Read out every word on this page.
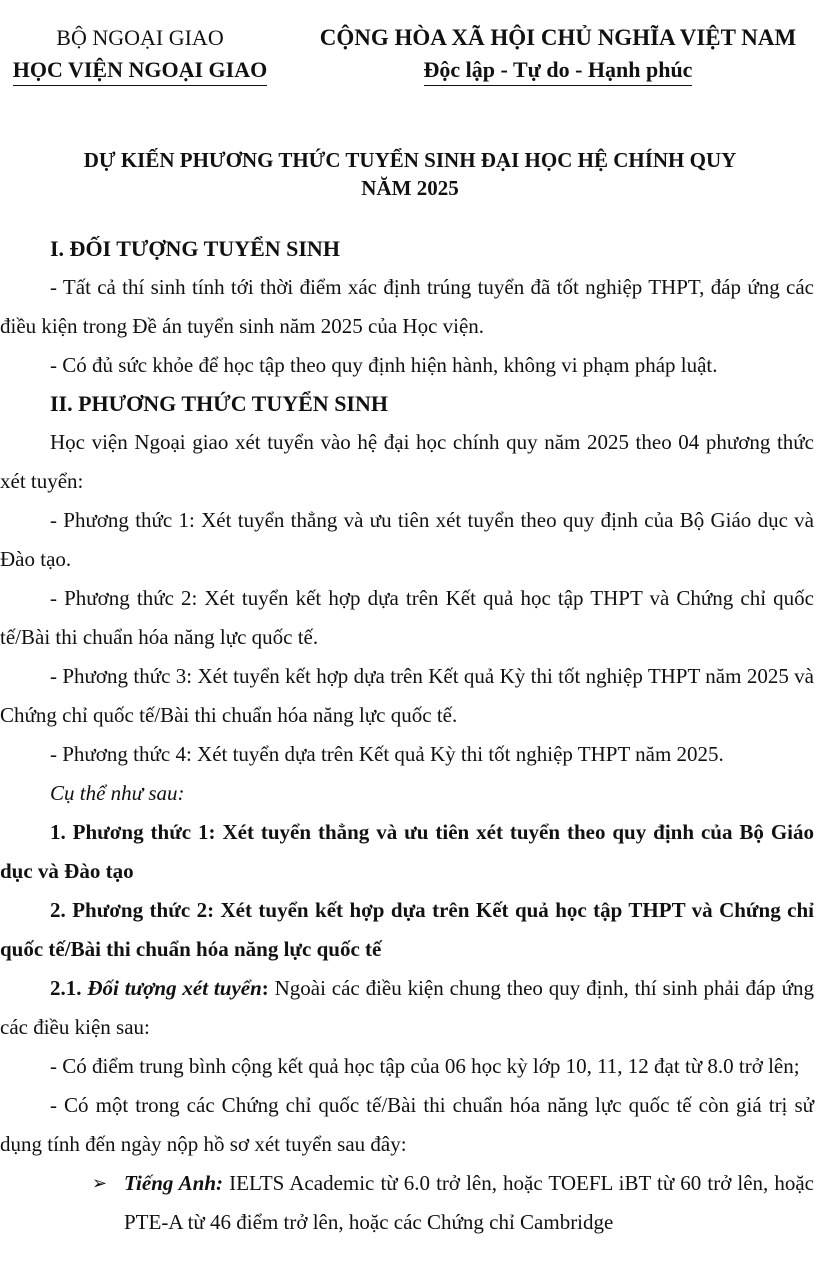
BỘ NGOẠI GIAO
HỌC VIỆN NGOẠI GIAO
CỘNG HÒA XÃ HỘI CHỦ NGHĨA VIỆT NAM
Độc lập - Tự do - Hạnh phúc
DỰ KIẾN PHƯƠNG THỨC TUYỂN SINH ĐẠI HỌC HỆ CHÍNH QUY
NĂM 2025
I. ĐỐI TƯỢNG TUYỂN SINH
- Tất cả thí sinh tính tới thời điểm xác định trúng tuyển đã tốt nghiệp THPT, đáp ứng các điều kiện trong Đề án tuyển sinh năm 2025 của Học viện.
- Có đủ sức khỏe để học tập theo quy định hiện hành, không vi phạm pháp luật.
II. PHƯƠNG THỨC TUYỂN SINH
Học viện Ngoại giao xét tuyển vào hệ đại học chính quy năm 2025 theo 04 phương thức xét tuyển:
- Phương thức 1: Xét tuyển thẳng và ưu tiên xét tuyển theo quy định của Bộ Giáo dục và Đào tạo.
- Phương thức 2: Xét tuyển kết hợp dựa trên Kết quả học tập THPT và Chứng chỉ quốc tế/Bài thi chuẩn hóa năng lực quốc tế.
- Phương thức 3: Xét tuyển kết hợp dựa trên Kết quả Kỳ thi tốt nghiệp THPT năm 2025 và Chứng chỉ quốc tế/Bài thi chuẩn hóa năng lực quốc tế.
- Phương thức 4: Xét tuyển dựa trên Kết quả Kỳ thi tốt nghiệp THPT năm 2025.
Cụ thể như sau:
1. Phương thức 1: Xét tuyển thẳng và ưu tiên xét tuyển theo quy định của Bộ Giáo dục và Đào tạo
2. Phương thức 2: Xét tuyển kết hợp dựa trên Kết quả học tập THPT và Chứng chỉ quốc tế/Bài thi chuẩn hóa năng lực quốc tế
2.1. Đối tượng xét tuyển: Ngoài các điều kiện chung theo quy định, thí sinh phải đáp ứng các điều kiện sau:
- Có điểm trung bình cộng kết quả học tập của 06 học kỳ lớp 10, 11, 12 đạt từ 8.0 trở lên;
- Có một trong các Chứng chỉ quốc tế/Bài thi chuẩn hóa năng lực quốc tế còn giá trị sử dụng tính đến ngày nộp hồ sơ xét tuyển sau đây:
➢ Tiếng Anh: IELTS Academic từ 6.0 trở lên, hoặc TOEFL iBT từ 60 trở lên, hoặc PTE-A từ 46 điểm trở lên, hoặc các Chứng chỉ Cambridge
